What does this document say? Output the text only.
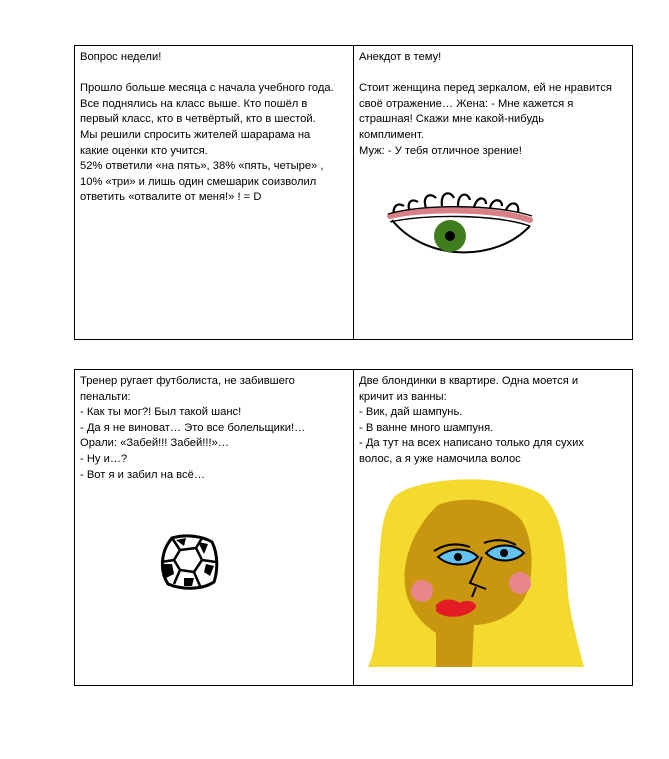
Вопрос недели!
Прошло больше месяца с начала учебного года.
Все поднялись на класс выше. Кто пошёл в
первый класс, кто в четвёртый, кто в шестой.
Мы решили спросить жителей шарарама на
какие оценки кто учится.
52% ответили «на пять», 38% «пять, четыре» ,
10% «три» и лишь один смешарик соизволил
ответить «отвалите от меня!» ! = D
Анекдот в тему!
Стоит женщина перед зеркалом, ей не нравится
своё отражение… Жена: - Мне кажется я
страшная! Скажи мне какой-нибудь
комплимент.
Муж: - У тебя отличное зрение!
Тренер ругает футболиста, не забившего
пенальти:
- Как ты мог?! Был такой шанс!
- Да я не виноват… Это все болельщики!…
Орали: «Забей!!! Забей!!!»…
- Ну и…?
- Вот я и забил на всё…
Две блондинки в квартире. Одна моется и
кричит из ванны:
- Вик, дай шампунь.
- В ванне много шампуня.
- Да тут на всех написано только для сухих
волос, а я уже намочила волос
